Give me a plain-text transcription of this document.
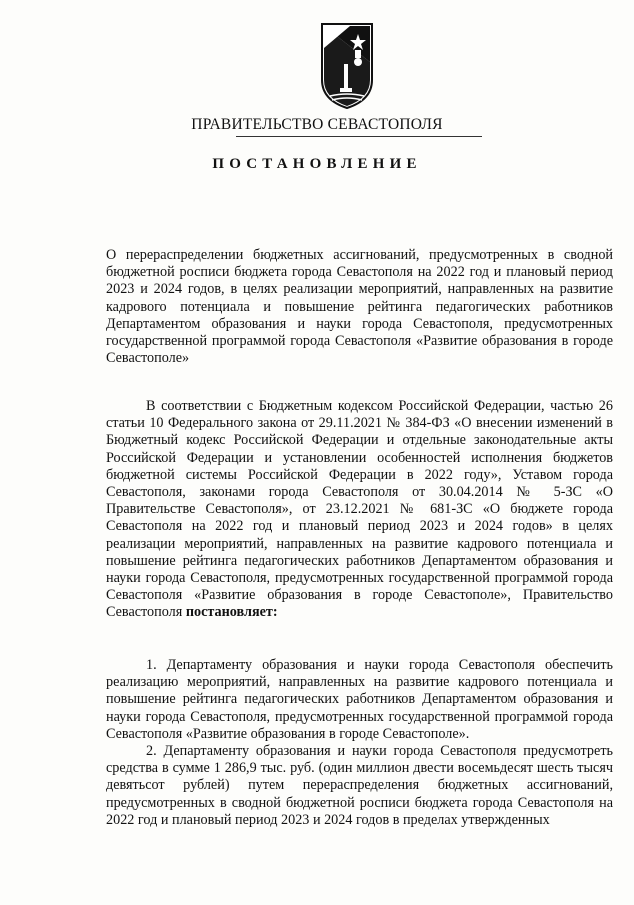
ПРАВИТЕЛЬСТВО СЕВАСТОПОЛЯ
ПОСТАНОВЛЕНИЕ
О перераспределении бюджетных ассигнований, предусмотренных в сводной бюджетной росписи бюджета города Севастополя на 2022 год и плановый период 2023 и 2024 годов, в целях реализации мероприятий, направленных на развитие кадрового потенциала и повышение рейтинга педагогических работников Департаментом образования и науки города Севастополя, предусмотренных государственной программой города Севастополя «Развитие образования в городе Севастополе»
В соответствии с Бюджетным кодексом Российской Федерации, частью 26 статьи 10 Федерального закона от 29.11.2021 № 384-ФЗ «О внесении изменений в Бюджетный кодекс Российской Федерации и отдельные законодательные акты Российской Федерации и установлении особенностей исполнения бюджетов бюджетной системы Российской Федерации в 2022 году», Уставом города Севастополя, законами города Севастополя от 30.04.2014 № 5-ЗС «О Правительстве Севастополя», от 23.12.2021 № 681-ЗС «О бюджете города Севастополя на 2022 год и плановый период 2023 и 2024 годов» в целях реализации мероприятий, направленных на развитие кадрового потенциала и повышение рейтинга педагогических работников Департаментом образования и науки города Севастополя, предусмотренных государственной программой города Севастополя «Развитие образования в городе Севастополе», Правительство Севастополя постановляет:
1. Департаменту образования и науки города Севастополя обеспечить реализацию мероприятий, направленных на развитие кадрового потенциала и повышение рейтинга педагогических работников Департаментом образования и науки города Севастополя, предусмотренных государственной программой города Севастополя «Развитие образования в городе Севастополе».
2. Департаменту образования и науки города Севастополя предусмотреть средства в сумме 1 286,9 тыс. руб. (один миллион двести восемьдесят шесть тысяч девятьсот рублей) путем перераспределения бюджетных ассигнований, предусмотренных в сводной бюджетной росписи бюджета города Севастополя на 2022 год и плановый период 2023 и 2024 годов в пределах утвержденных
